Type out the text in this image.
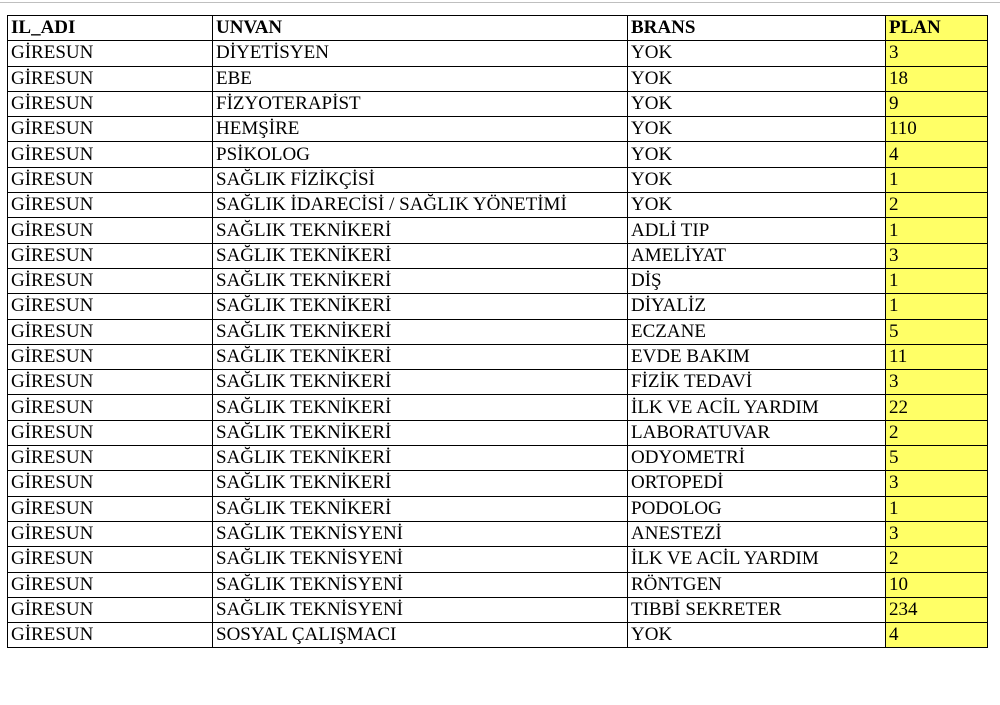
IL_ADI	UNVAN	BRANS	PLAN
GİRESUN	DİYETİSYEN	YOK	3
GİRESUN	EBE	YOK	18
GİRESUN	FİZYOTERAPİST	YOK	9
GİRESUN	HEMŞİRE	YOK	110
GİRESUN	PSİKOLOG	YOK	4
GİRESUN	SAĞLIK FİZİKÇİSİ	YOK	1
GİRESUN	SAĞLIK İDARECİSİ / SAĞLIK YÖNETİMİ	YOK	2
GİRESUN	SAĞLIK TEKNİKERİ	ADLİ TIP	1
GİRESUN	SAĞLIK TEKNİKERİ	AMELİYAT	3
GİRESUN	SAĞLIK TEKNİKERİ	DİŞ	1
GİRESUN	SAĞLIK TEKNİKERİ	DİYALİZ	1
GİRESUN	SAĞLIK TEKNİKERİ	ECZANE	5
GİRESUN	SAĞLIK TEKNİKERİ	EVDE BAKIM	11
GİRESUN	SAĞLIK TEKNİKERİ	FİZİK TEDAVİ	3
GİRESUN	SAĞLIK TEKNİKERİ	İLK VE ACİL YARDIM	22
GİRESUN	SAĞLIK TEKNİKERİ	LABORATUVAR	2
GİRESUN	SAĞLIK TEKNİKERİ	ODYOMETRİ	5
GİRESUN	SAĞLIK TEKNİKERİ	ORTOPEDİ	3
GİRESUN	SAĞLIK TEKNİKERİ	PODOLOG	1
GİRESUN	SAĞLIK TEKNİSYENİ	ANESTEZİ	3
GİRESUN	SAĞLIK TEKNİSYENİ	İLK VE ACİL YARDIM	2
GİRESUN	SAĞLIK TEKNİSYENİ	RÖNTGEN	10
GİRESUN	SAĞLIK TEKNİSYENİ	TIBBİ SEKRETER	234
GİRESUN	SOSYAL ÇALIŞMACI	YOK	4
